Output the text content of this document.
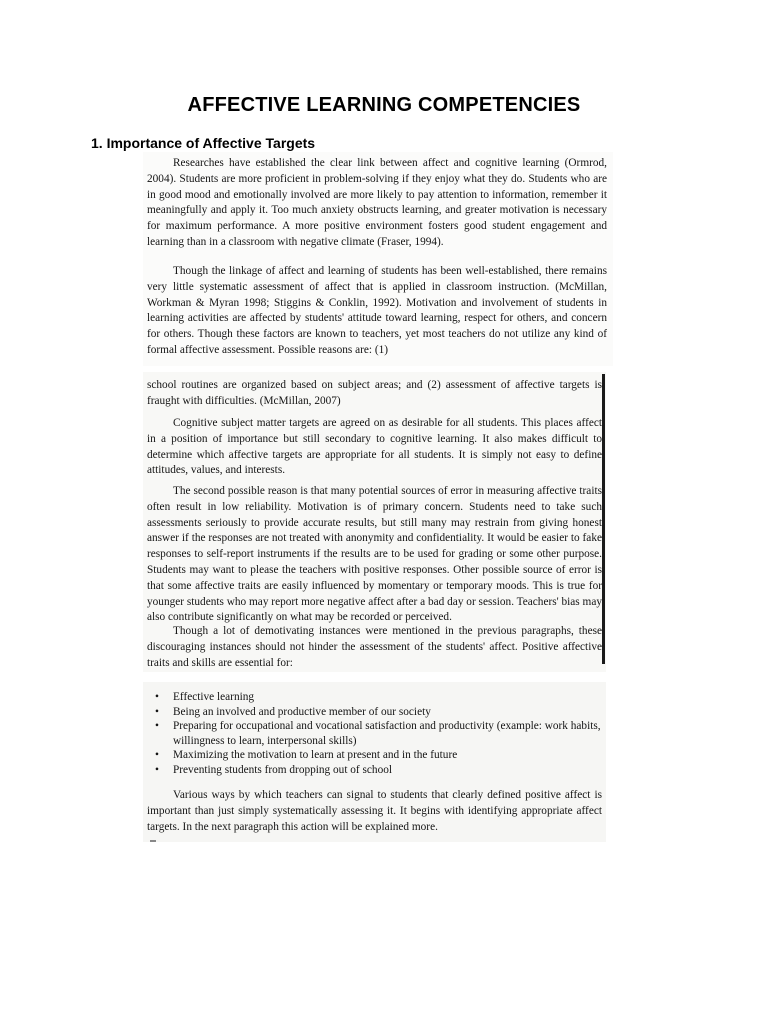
AFFECTIVE LEARNING COMPETENCIES
1. Importance of Affective Targets
Researches have established the clear link between affect and cognitive learning (Ormrod, 2004). Students are more proficient in problem-solving if they enjoy what they do. Students who are in good mood and emotionally involved are more likely to pay attention to information, remember it meaningfully and apply it. Too much anxiety obstructs learning, and greater motivation is necessary for maximum performance. A more positive environment fosters good student engagement and learning than in a classroom with negative climate (Fraser, 1994).
Though the linkage of affect and learning of students has been well-established, there remains very little systematic assessment of affect that is applied in classroom instruction. (McMillan, Workman & Myran 1998; Stiggins & Conklin, 1992). Motivation and involvement of students in learning activities are affected by students' attitude toward learning, respect for others, and concern for others. Though these factors are known to teachers, yet most teachers do not utilize any kind of formal affective assessment. Possible reasons are: (1)
school routines are organized based on subject areas; and (2) assessment of affective targets is fraught with difficulties. (McMillan, 2007)
Cognitive subject matter targets are agreed on as desirable for all students. This places affect in a position of importance but still secondary to cognitive learning. It also makes difficult to determine which affective targets are appropriate for all students. It is simply not easy to define attitudes, values, and interests.
The second possible reason is that many potential sources of error in measuring affective traits often result in low reliability. Motivation is of primary concern. Students need to take such assessments seriously to provide accurate results, but still many may restrain from giving honest answer if the responses are not treated with anonymity and confidentiality. It would be easier to fake responses to self-report instruments if the results are to be used for grading or some other purpose. Students may want to please the teachers with positive responses. Other possible source of error is that some affective traits are easily influenced by momentary or temporary moods. This is true for younger students who may report more negative affect after a bad day or session. Teachers' bias may also contribute significantly on what may be recorded or perceived.
Though a lot of demotivating instances were mentioned in the previous paragraphs, these discouraging instances should not hinder the assessment of the students' affect. Positive affective traits and skills are essential for:
• Effective learning
• Being an involved and productive member of our society
• Preparing for occupational and vocational satisfaction and productivity (example: work habits, willingness to learn, interpersonal skills)
• Maximizing the motivation to learn at present and in the future
• Preventing students from dropping out of school
Various ways by which teachers can signal to students that clearly defined positive affect is important than just simply systematically assessing it. It begins with identifying appropriate affect targets. In the next paragraph this action will be explained more.
